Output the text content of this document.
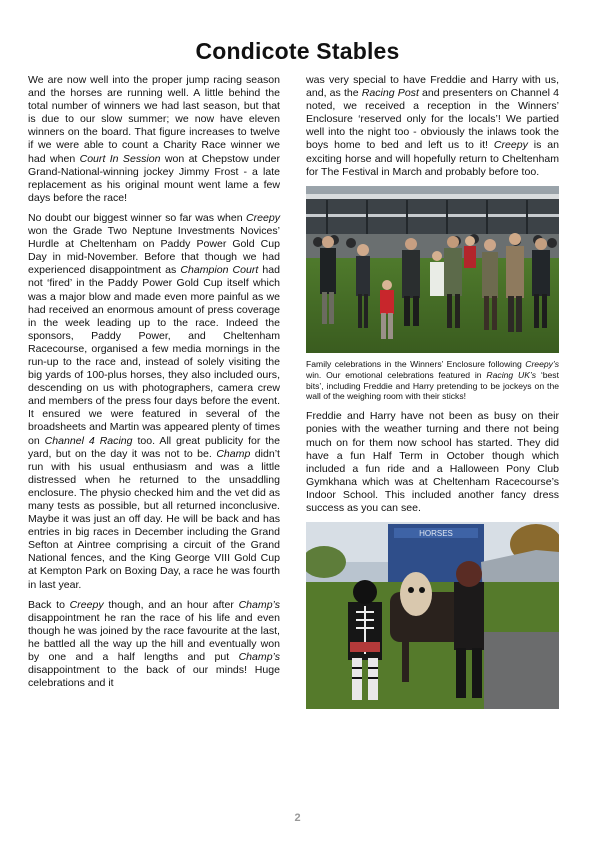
Condicote Stables

We are now well into the proper jump racing season and the horses are running well. A little behind the total number of winners we had last season, but that is due to our slow summer; we now have eleven winners on the board. That figure increases to twelve if we were able to count a Charity Race winner we had when Court In Session won at Chepstow under Grand-National-winning jockey Jimmy Frost - a late replacement as his original mount went lame a few days before the race!

No doubt our biggest winner so far was when Creepy won the Grade Two Neptune Investments Novices’ Hurdle at Cheltenham on Paddy Power Gold Cup Day in mid-November. Before that though we had experienced disappointment as Champion Court had not ‘fired’ in the Paddy Power Gold Cup itself which was a major blow and made even more painful as we had received an enormous amount of press coverage in the week leading up to the race. Indeed the sponsors, Paddy Power, and Cheltenham Racecourse, organised a few media mornings in the run-up to the race and, instead of solely visiting the big yards of 100-plus horses, they also included ours, descending on us with photographers, camera crew and members of the press four days before the event. It ensured we were featured in several of the broadsheets and Martin was appeared plenty of times on Channel 4 Racing too. All great publicity for the yard, but on the day it was not to be. Champ didn’t run with his usual enthusiasm and was a little distressed when he returned to the unsaddling enclosure. The physio checked him and the vet did as many tests as possible, but all returned inconclusive. Maybe it was just an off day. He will be back and has entries in big races in December including the Grand Sefton at Aintree comprising a circuit of the Grand National fences, and the King George VIII Gold Cup at Kempton Park on Boxing Day, a race he was fourth in last year.

Back to Creepy though, and an hour after Champ’s disappointment he ran the race of his life and even though he was joined by the race favourite at the last, he battled all the way up the hill and eventually won by one and a half lengths and put Champ’s disappointment to the back of our minds! Huge celebrations and it

was very special to have Freddie and Harry with us, and, as the Racing Post and presenters on Channel 4 noted, we received a reception in the Winners’ Enclosure ‘reserved only for the locals’! We partied well into the night too - obviously the inlaws took the boys home to bed and left us to it! Creepy is an exciting horse and will hopefully return to Cheltenham for The Festival in March and probably before too.

Family celebrations in the Winners’ Enclosure following Creepy’s win. Our emotional celebrations featured in Racing UK’s ‘best bits’, including Freddie and Harry pretending to be jockeys on the wall of the weighing room with their sticks!

Freddie and Harry have not been as busy on their ponies with the weather turning and there not being much on for them now school has started. They did have a fun Half Term in October though which included a fun ride and a Halloween Pony Club Gymkhana which was at Cheltenham Racecourse’s Indoor School. This included another fancy dress success as you can see.

HORSES
2
